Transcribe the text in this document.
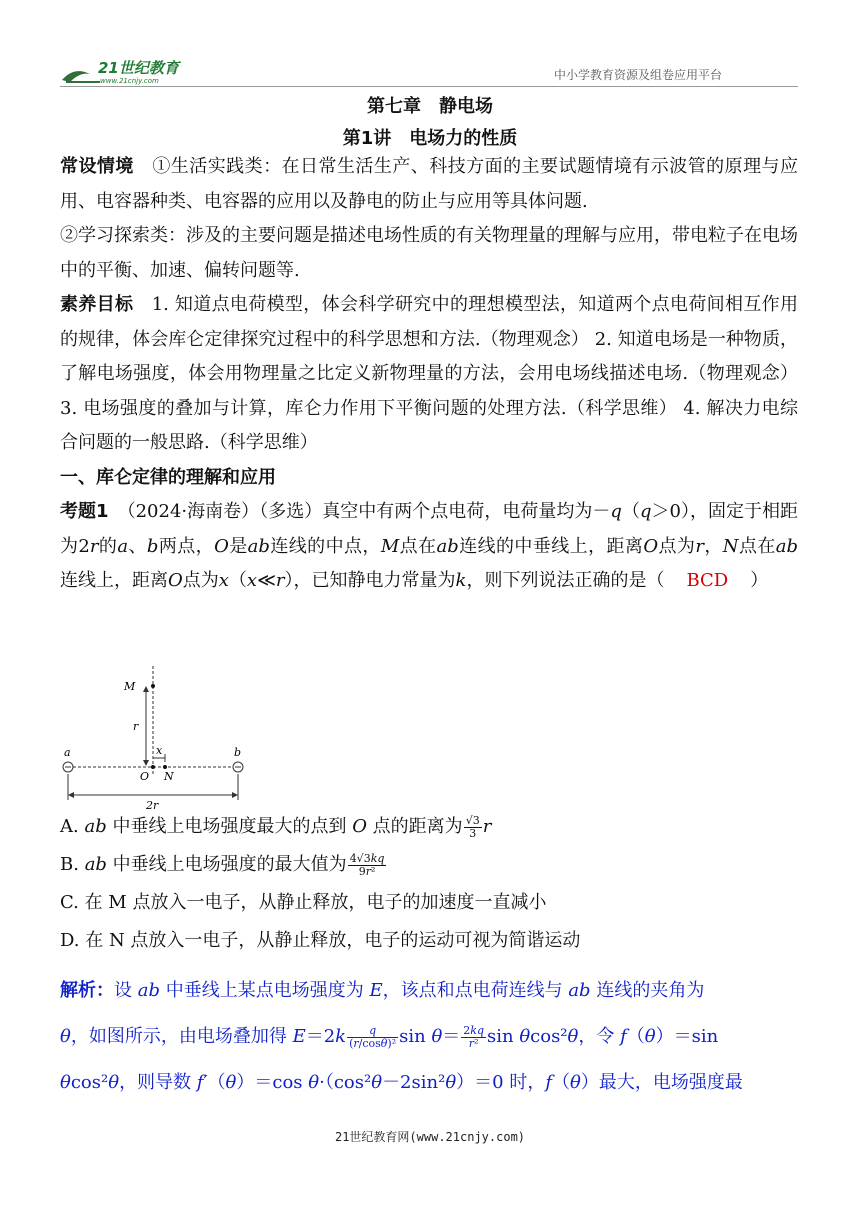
21世纪教育
www.21cnjy.com	中小学教育资源及组卷应用平台
第七章　静电场
第1讲　电场力的性质

常设情境　 ①生活实践类：在日常生活生产、科技方面的主要试题情境有示波管的原理与应用、电容器种类、电容器的应用以及静电的防止与应用等具体问题.

②学习探索类：涉及的主要问题是描述电场性质的有关物理量的理解与应用，带电粒子在电场中的平衡、加速、偏转问题等.

素养目标　 1. 知道点电荷模型，体会科学研究中的理想模型法，知道两个点电荷间相互作用的规律，体会库仑定律探究过程中的科学思想和方法.（物理观念） 2. 知道电场是一种物质，了解电场强度，体会用物理量之比定义新物理量的方法，会用电场线描述电场.（物理观念） 3. 电场强度的叠加与计算，库仑力作用下平衡问题的处理方法.（科学思维） 4. 解决力电综合问题的一般思路.（科学思维）

一、库仑定律的理解和应用

考题1　 （2024·海南卷）（多选）真空中有两个点电荷，电荷量均为－q（q＞0），固定于相距为2r的a、b两点，O是ab连线的中点，M点在ab连线的中垂线上，距离O点为r，N点在ab连线上，距离O点为x（x≪r），已知静电力常量为k，则下列说法正确的是（ BCD ）

a	b
M
r
x
O N
2r
A. ab 中垂线上电场强度最大的点到 O 点的距离为 $\frac{√3}{3}$ r
B. ab 中垂线上电场强度的最大值为 $\frac{4√3kq}{\text{9r²}}$
C. 在 M 点放入一电子，从静止释放，电子的加速度一直减小
D. 在 N 点放入一电子，从静止释放，电子的运动可视为简谐运动
解析：设 ab 中垂线上某点电场强度为 E，该点和点电荷连线与 ab 连线的夹角为
θ，如图所示，由电场叠加得 $E=2k \frac{q}{\text{(r/cosθ)²}}$ $\sin \theta= \frac{2kq}{\text{r²}}$ sin θcos²θ，令 f（θ）＝sin
θcos²θ，则导数 f′（θ）＝cos θ·（cos²θ－2sin²θ）＝0 时，f（θ）最大，电场强度最
21世纪教育网(www.21cnjy.com)
